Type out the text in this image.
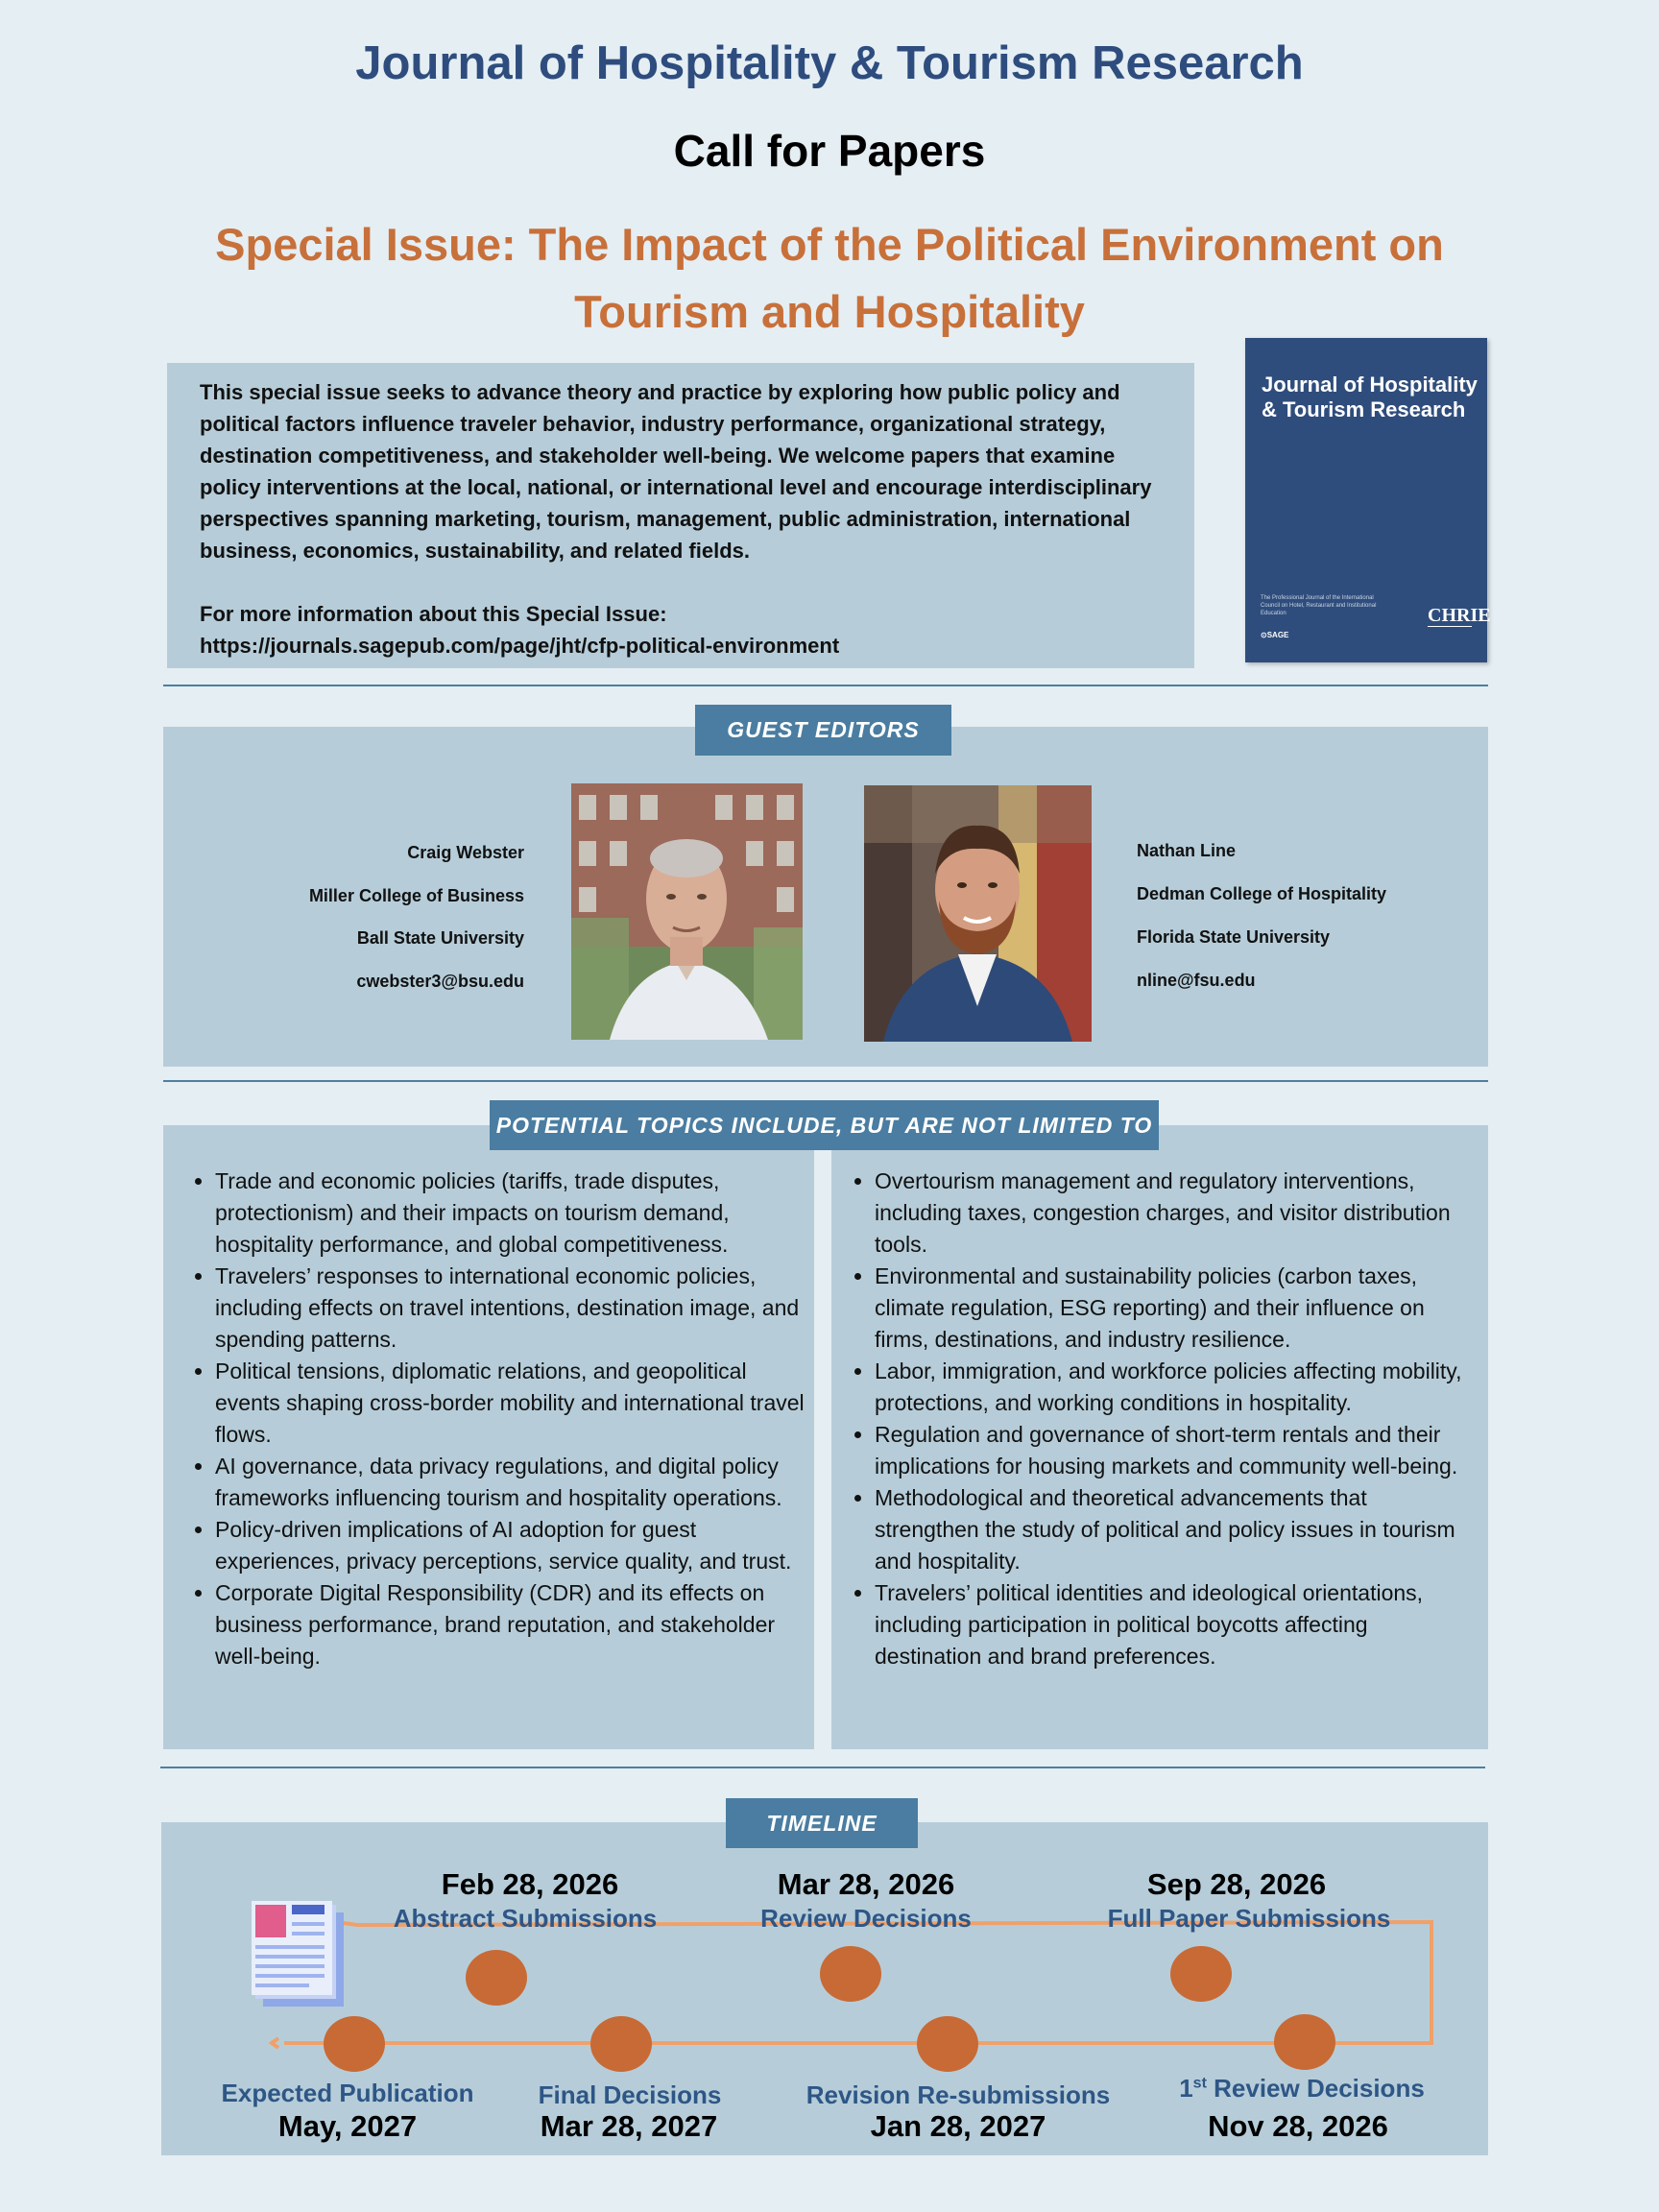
Journal of Hospitality & Tourism Research
Call for Papers
Special Issue: The Impact of the Political Environment on Tourism and Hospitality

This special issue seeks to advance theory and practice by exploring how public policy and political factors influence traveler behavior, industry performance, organizational strategy, destination competitiveness, and stakeholder well-being. We welcome papers that examine policy interventions at the local, national, or international level and encourage interdisciplinary perspectives spanning marketing, tourism, management, public administration, international business, economics, sustainability, and related fields.

For more information about this Special Issue:

https://journals.sagepub.com/page/jht/cfp-political-environment

Journal of Hospitality & Tourism Research
The Professional Journal of the International Council on Hotel, Restaurant and Institutional Education
⊙SAGE
CHRIE
GUEST EDITORS
Craig Webster
Miller College of Business
Ball State University
cwebster3@bsu.edu
Nathan Line
Dedman College of Hospitality
Florida State University
nline@fsu.edu
POTENTIAL TOPICS INCLUDE, BUT ARE NOT LIMITED TO
• Trade and economic policies (tariffs, trade disputes, protectionism) and their impacts on tourism demand, hospitality performance, and global competitiveness.
• Travelers’ responses to international economic policies, including effects on travel intentions, destination image, and spending patterns.
• Political tensions, diplomatic relations, and geopolitical events shaping cross-border mobility and international travel flows.
• AI governance, data privacy regulations, and digital policy frameworks influencing tourism and hospitality operations.
• Policy-driven implications of AI adoption for guest experiences, privacy perceptions, service quality, and trust.
• Corporate Digital Responsibility (CDR) and its effects on business performance, brand reputation, and stakeholder well-being.
• Overtourism management and regulatory interventions, including taxes, congestion charges, and visitor distribution tools.
• Environmental and sustainability policies (carbon taxes, climate regulation, ESG reporting) and their influence on firms, destinations, and industry resilience.
• Labor, immigration, and workforce policies affecting mobility, protections, and working conditions in hospitality.
• Regulation and governance of short-term rentals and their implications for housing markets and community well-being.
• Methodological and theoretical advancements that strengthen the study of political and policy issues in tourism and hospitality.
• Travelers’ political identities and ideological orientations, including participation in political boycotts affecting destination and brand preferences.
TIMELINE
Feb 28, 2026
Abstract Submissions
Mar 28, 2026
Review Decisions
Sep 28, 2026
Full Paper Submissions
Expected Publication
May, 2027
Final Decisions
Mar 28, 2027
Revision Re-submissions
Jan 28, 2027
1st Review Decisions
Nov 28, 2026
